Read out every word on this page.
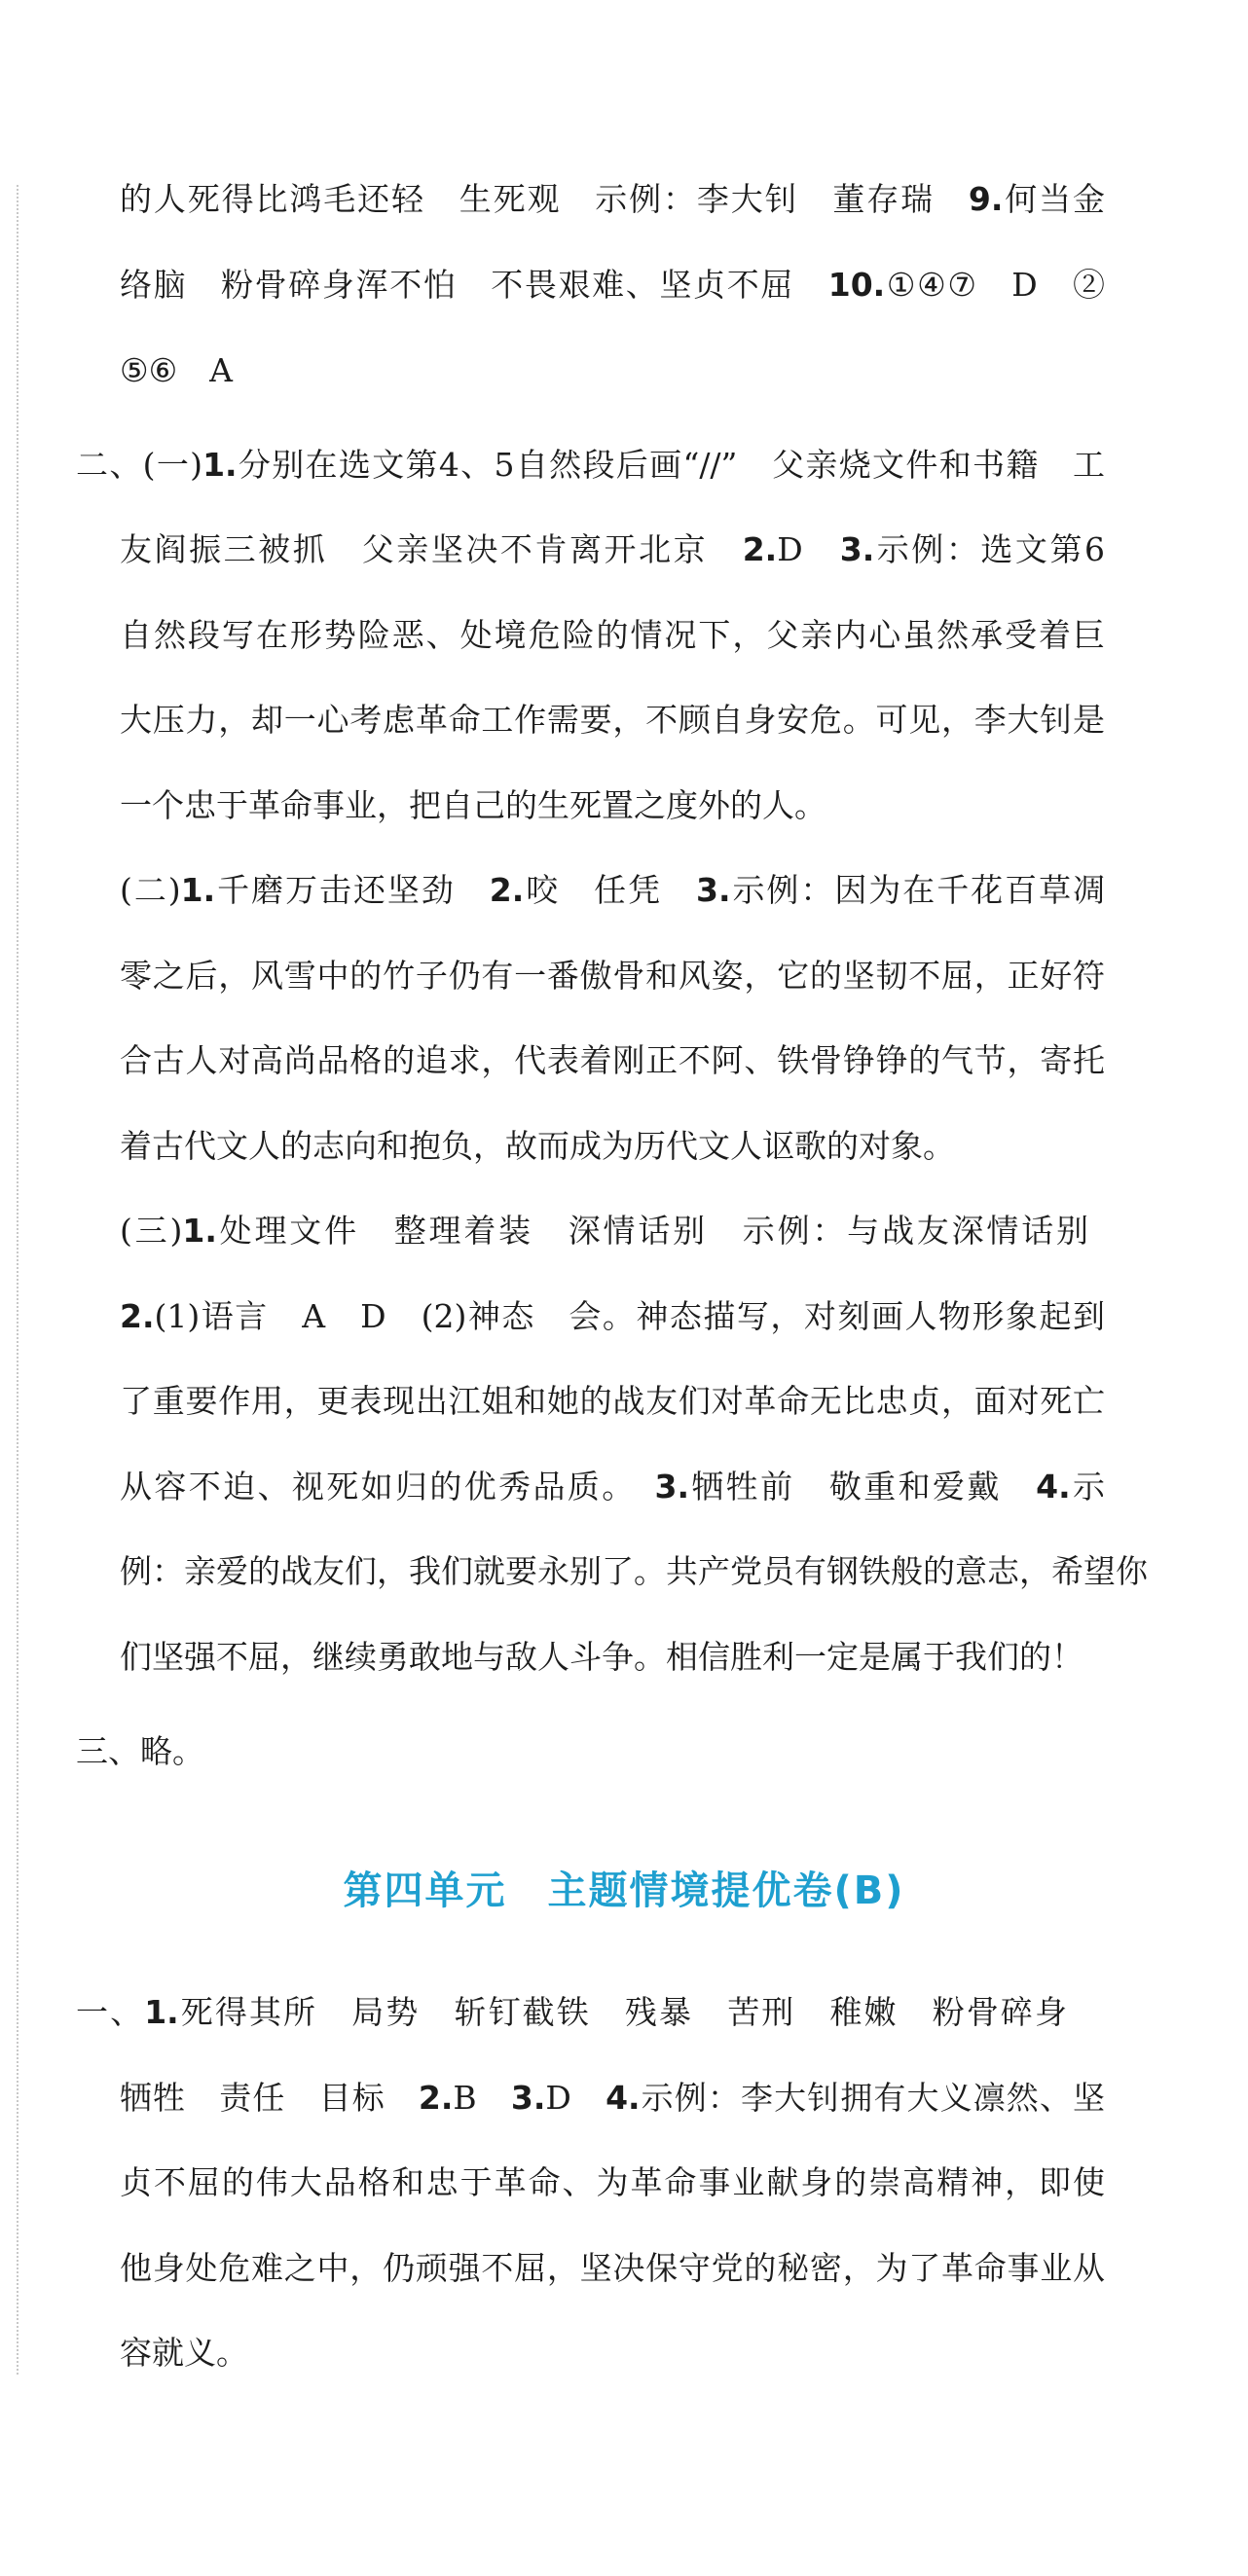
的人死得比鸿毛还轻　生死观　示例：李大钊　董存瑞　9.何当金
络脑　粉骨碎身浑不怕　不畏艰难、坚贞不屈　10.①④⑦　D　②
⑤⑥　A
二、(一)1.分别在选文第4、5自然段后画“//”　父亲烧文件和书籍　工
友阎振三被抓　父亲坚决不肯离开北京　2.D　3.示例：选文第6
自然段写在形势险恶、处境危险的情况下，父亲内心虽然承受着巨
大压力，却一心考虑革命工作需要，不顾自身安危。可见，李大钊是
一个忠于革命事业，把自己的生死置之度外的人。
(二)1.千磨万击还坚劲　2.咬　任凭　3.示例：因为在千花百草凋
零之后，风雪中的竹子仍有一番傲骨和风姿，它的坚韧不屈，正好符
合古人对高尚品格的追求，代表着刚正不阿、铁骨铮铮的气节，寄托
着古代文人的志向和抱负，故而成为历代文人讴歌的对象。
(三)1.处理文件　整理着装　深情话别　示例：与战友深情话别
2.(1)语言　A　D　(2)神态　会。神态描写，对刻画人物形象起到
了重要作用，更表现出江姐和她的战友们对革命无比忠贞，面对死亡
从容不迫、视死如归的优秀品质。　3.牺牲前　敬重和爱戴　4.示
例：亲爱的战友们，我们就要永别了。共产党员有钢铁般的意志，希望你
们坚强不屈，继续勇敢地与敌人斗争。相信胜利一定是属于我们的！
三、略。
第四单元　主题情境提优卷(B)
一、1.死得其所　局势　斩钉截铁　残暴　苦刑　稚嫩　粉骨碎身
牺牲　责任　目标　2.B　3.D　4.示例：李大钊拥有大义凛然、坚
贞不屈的伟大品格和忠于革命、为革命事业献身的崇高精神，即使
他身处危难之中，仍顽强不屈，坚决保守党的秘密，为了革命事业从
容就义。
